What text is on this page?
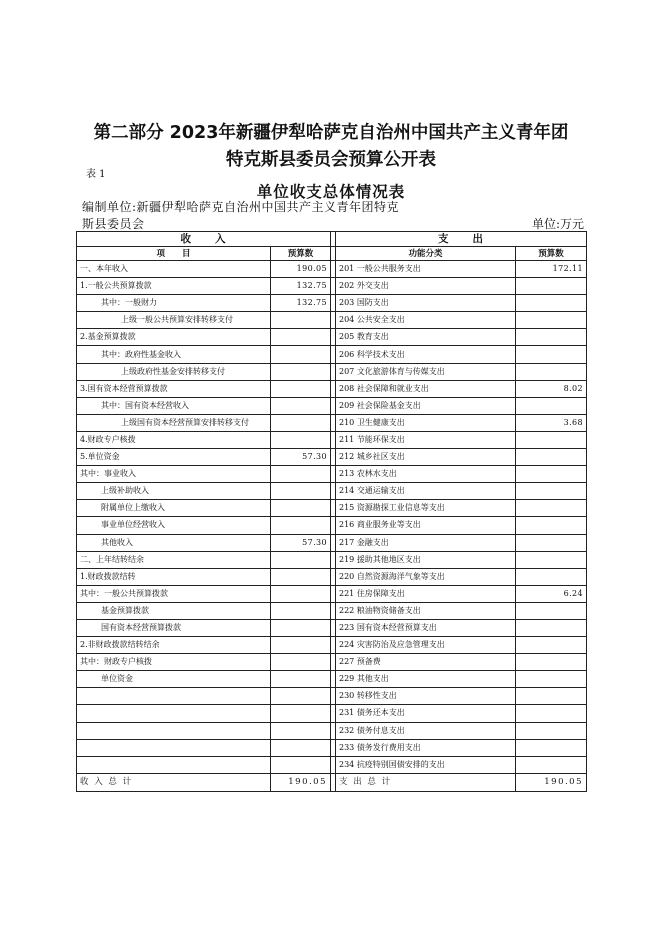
第二部分 2023年新疆伊犁哈萨克自治州中国共产主义青年团
特克斯县委员会预算公开表
表 1
单位收支总体情况表
编制单位:新疆伊犁哈萨克自治州中国共产主义青年团特克
斯县委员会	单位:万元
收　　入			支　　出	
项　　目	预算数		功能分类	预算数
一、本年收入	190.05		201 一般公共服务支出	172.11
1.一般公共预算拨款	132.75		202 外交支出	
其中：一般财力	132.75		203 国防支出	
上级一般公共预算安排转移支付			204 公共安全支出	
2.基金预算拨款			205 教育支出	
其中：政府性基金收入			206 科学技术支出	
上级政府性基金安排转移支付			207 文化旅游体育与传媒支出	
3.国有资本经营预算拨款			208 社会保障和就业支出	8.02
其中：国有资本经营收入			209 社会保险基金支出	
上级国有资本经营预算安排转移支付			210 卫生健康支出	3.68
4.财政专户核拨			211 节能环保支出	
5.单位资金	57.30		212 城乡社区支出	
其中：事业收入			213 农林水支出	
上级补助收入			214 交通运输支出	
附属单位上缴收入			215 资源勘探工业信息等支出	
事业单位经营收入			216 商业服务业等支出	
其他收入	57.30		217 金融支出	
二、上年结转结余			219 援助其他地区支出	
1.财政拨款结转			220 自然资源海洋气象等支出	
其中：一般公共预算拨款			221 住房保障支出	6.24
基金预算拨款			222 粮油物资储备支出	
国有资本经营预算拨款			223 国有资本经营预算支出	
2.非财政拨款结转结余			224 灾害防治及应急管理支出	
其中：财政专户核拨			227 预备费	
单位资金			229 其他支出	
			230 转移性支出	
			231 债务还本支出	
			232 债务付息支出	
			233 债务发行费用支出	
			234 抗疫特别国债安排的支出	
收 入 总 计	190.05		支 出 总 计	190.05
